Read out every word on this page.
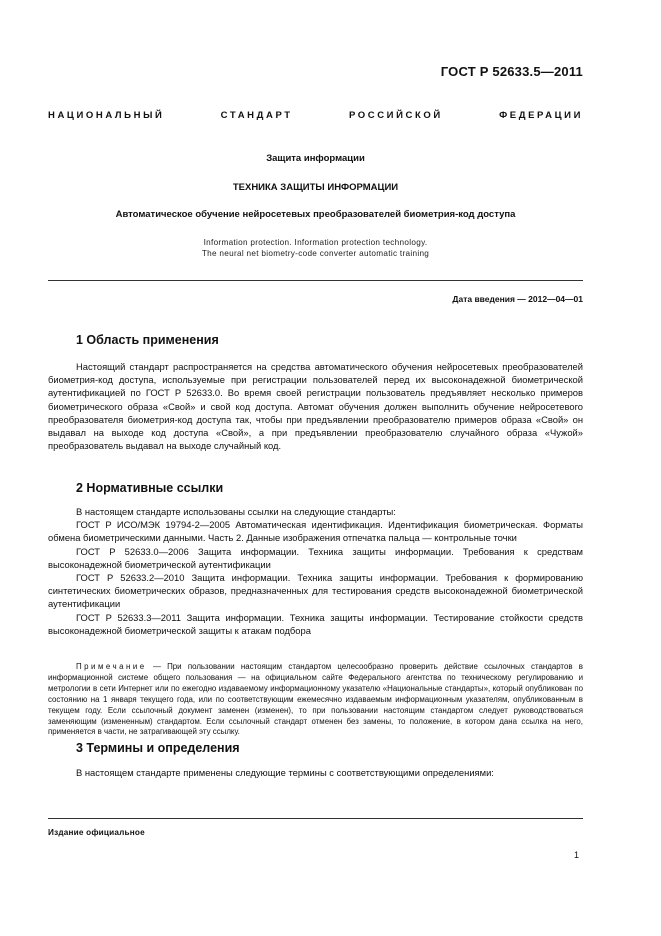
ГОСТ Р 52633.5—2011
НАЦИОНАЛЬНЫЙ СТАНДАРТ РОССИЙСКОЙ ФЕДЕРАЦИИ
Защита информации
ТЕХНИКА ЗАЩИТЫ ИНФОРМАЦИИ
Автоматическое обучение нейросетевых преобразователей биометрия-код доступа
Information protection. Information protection technology.
The neural net biometry-code converter automatic training
Дата введения — 2012—04—01
1 Область применения

Настоящий стандарт распространяется на средства автоматического обучения нейросетевых преобразователей биометрия-код доступа, используемые при регистрации пользователей перед их высоконадежной биометрической аутентификацией по ГОСТ Р 52633.0. Во время своей регистрации пользователь предъявляет несколько примеров биометрического образа «Свой» и свой код доступа. Автомат обучения должен выполнить обучение нейросетевого преобразователя биометрия-код доступа так, чтобы при предъявлении преобразователю примеров образа «Свой» он выдавал на выходе код доступа «Свой», а при предъявлении преобразователю случайного образа «Чужой» преобразователь выдавал на выходе случайный код.

2 Нормативные ссылки

В настоящем стандарте использованы ссылки на следующие стандарты:

ГОСТ Р ИСО/МЭК 19794-2—2005 Автоматическая идентификация. Идентификация биометрическая. Форматы обмена биометрическими данными. Часть 2. Данные изображения отпечатка пальца — контрольные точки

ГОСТ Р 52633.0—2006 Защита информации. Техника защиты информации. Требования к средствам высоконадежной биометрической аутентификации

ГОСТ Р 52633.2—2010 Защита информации. Техника защиты информации. Требования к формированию синтетических биометрических образов, предназначенных для тестирования средств высоконадежной биометрической аутентификации

ГОСТ Р 52633.3—2011 Защита информации. Техника защиты информации. Тестирование стойкости средств высоконадежной биометрической защиты к атакам подбора

Примечание — При пользовании настоящим стандартом целесообразно проверить действие ссылочных стандартов в информационной системе общего пользования — на официальном сайте Федерального агентства по техническому регулированию и метрологии в сети Интернет или по ежегодно издаваемому информационному указателю «Национальные стандарты», который опубликован по состоянию на 1 января текущего года, или по соответствующим ежемесячно издаваемым информационным указателям, опубликованным в текущем году. Если ссылочный документ заменен (изменен), то при пользовании настоящим стандартом следует руководствоваться заменяющим (измененным) стандартом. Если ссылочный стандарт отменен без замены, то положение, в котором дана ссылка на него, применяется в части, не затрагивающей эту ссылку.
3 Термины и определения

В настоящем стандарте применены следующие термины с соответствующими определениями:

Издание официальное
1
